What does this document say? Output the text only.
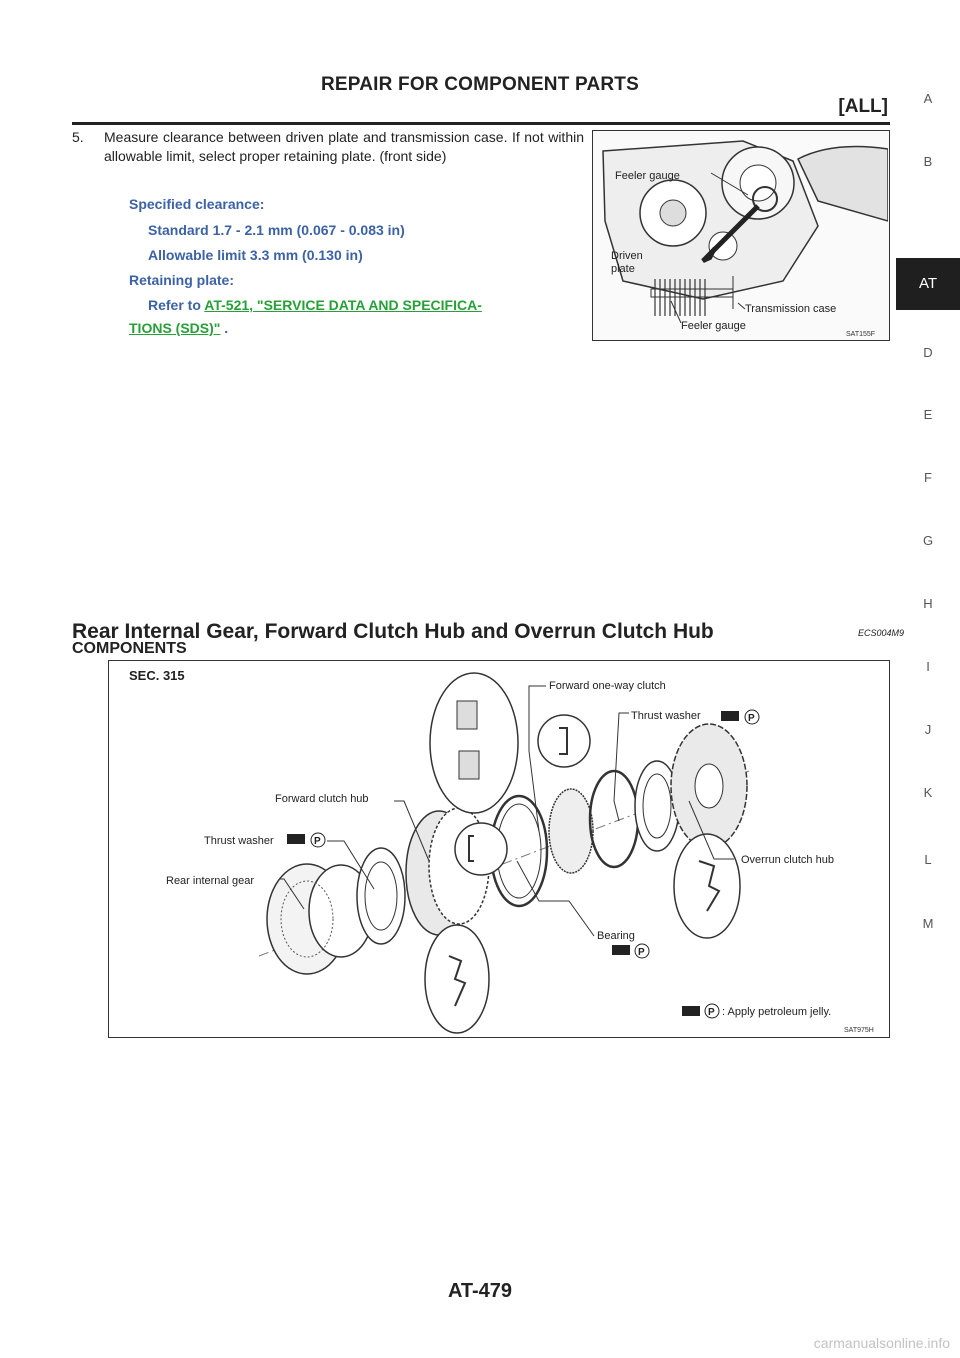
REPAIR FOR COMPONENT PARTS
[ALL]
5.	Measure clearance between driven plate and transmission case. If not within allowable limit, select proper retaining plate. (front side)
Specified clearance:
Standard 1.7 - 2.1 mm (0.067 - 0.083 in)
Allowable limit 3.3 mm (0.130 in)
Retaining plate:
Refer to AT-521, "SERVICE DATA AND SPECIFICA-
TIONS (SDS)" .
Feeler gauge
Driven
plate
Transmission case
Feeler gauge
SAT155F
Rear Internal Gear, Forward Clutch Hub and Overrun Clutch Hub	ECS004M9
COMPONENTS
SEC. 315
Forward one-way clutch
Thrust washer
Forward clutch hub
Thrust washer
Overrun clutch hub
Rear internal gear
Bearing
P
P
P
P : Apply petroleum jelly.
SAT975H
A
B
AT
D
E
F
G
H
I
J
K
L
M
AT-479
carmanualsonline.info
